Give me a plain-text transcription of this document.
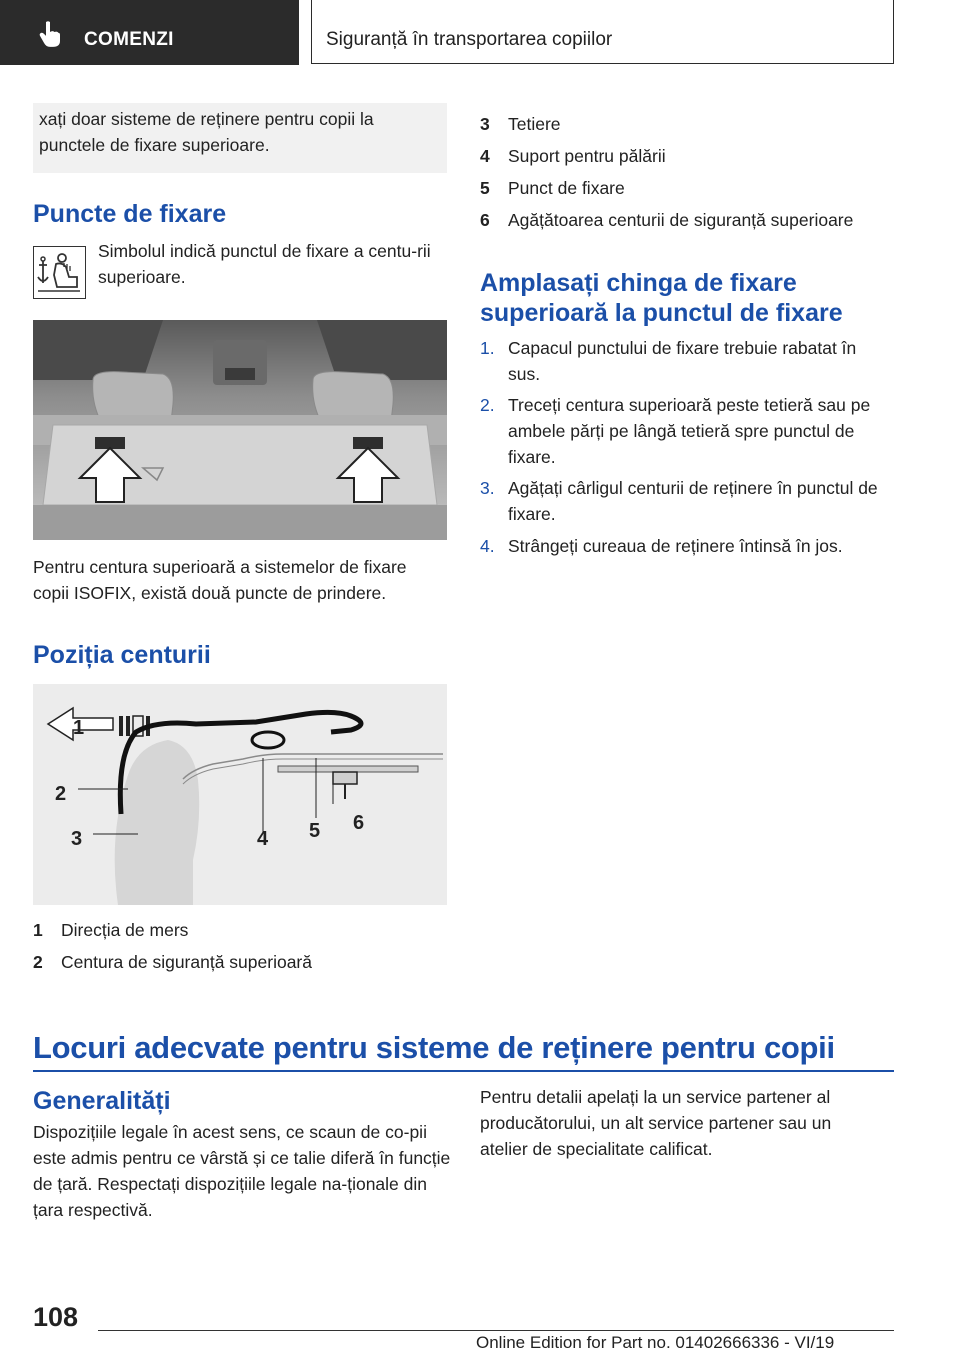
COMENZI	Siguranță în transportarea copiilor

xați doar sisteme de reținere pentru copii la punctele de fixare superioare.

Puncte de fixare

Simbolul indică punctul de fixare a centu-rii superioare.

Pentru centura superioară a sistemelor de fixare copii ISOFIX, există două puncte de prindere.

Poziția centurii
1
2
3	4 5 6
1 Direcția de mers
2 Centura de siguranță superioară
3 Tetiere
4 Suport pentru pălării
5 Punct de fixare
6 Agățătoarea centurii de siguranță superioare
Amplasați chinga de fixare
superioară la punctul de fixare
1. Capacul punctului de fixare trebuie rabatat în sus.
2. Treceți centura superioară peste tetieră sau pe ambele părți pe lângă tetieră spre punctul de fixare.
3. Agățați cârligul centurii de reținere în punctul de fixare.
4. Strângeți cureaua de reținere întinsă în jos.
Locuri adecvate pentru sisteme de reținere pentru copii
Generalități

Dispozițiile legale în acest sens, ce scaun de co-pii este admis pentru ce vârstă și ce talie diferă în funcție de țară. Respectați dispozițiile legale na-ționale din țara respectivă.

Pentru detalii apelați la un service partener al producătorului, un alt service partener sau un atelier de specialitate calificat.

108
Online Edition for Part no. 01402666336 - VI/19
